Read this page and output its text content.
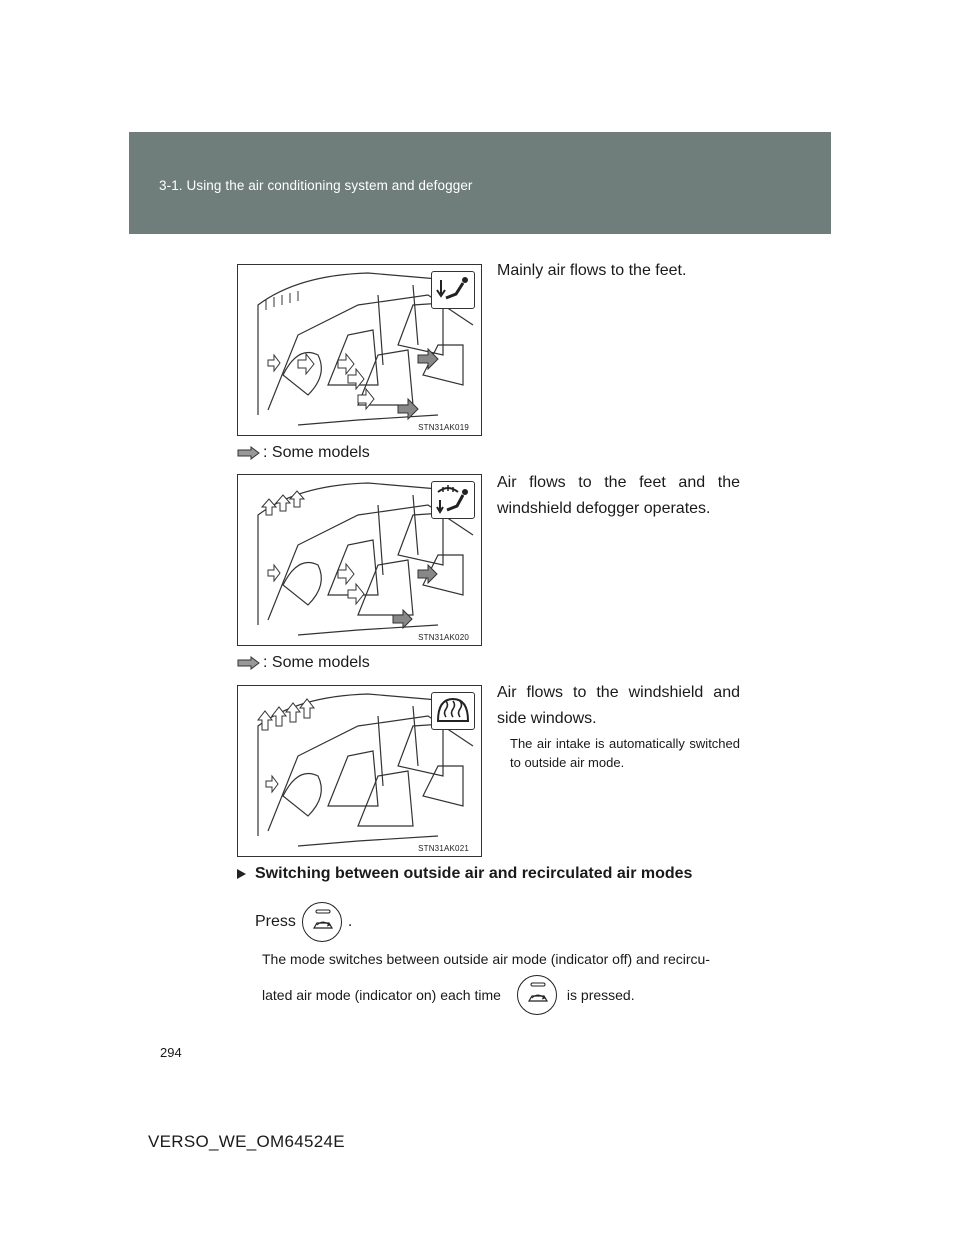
3-1. Using the air conditioning system and defogger
STN31AK019
Mainly air flows to the feet.
: Some models
STN31AK020
Air flows to the feet and the windshield defogger operates.
: Some models
STN31AK021
Air flows to the windshield and side windows.
The air intake is automatically switched to outside air mode.
Switching between outside air and recirculated air modes
Press	.
The mode switches between outside air mode (indicator off) and recircu-
lated air mode (indicator on) each time	is pressed.
294
VERSO_WE_OM64524E
